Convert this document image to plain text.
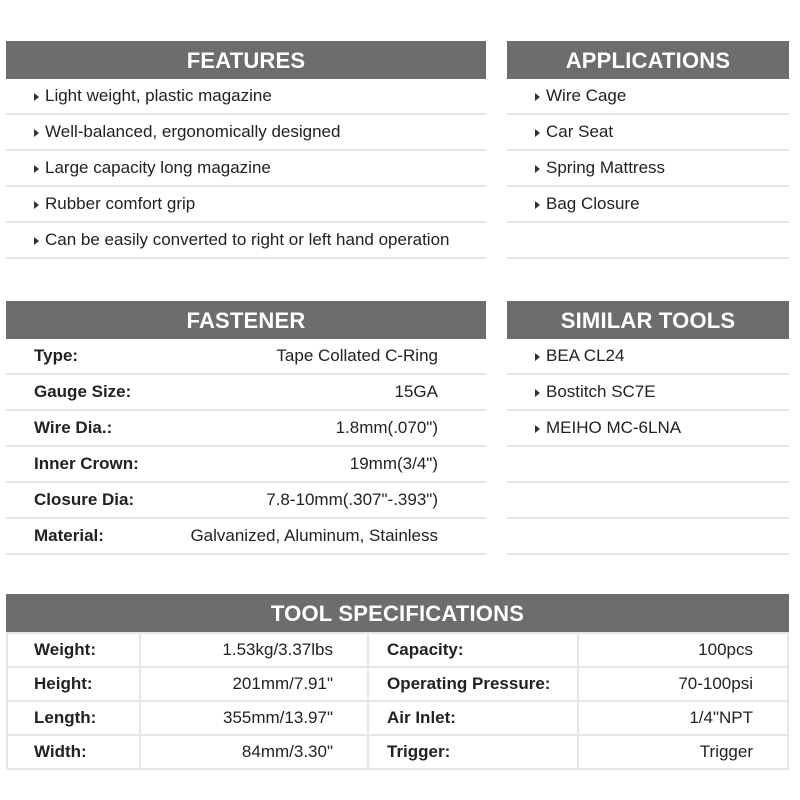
FEATURES
Light weight, plastic magazine
Well-balanced, ergonomically designed
Large capacity long magazine
Rubber comfort grip
Can be easily converted to right or left hand operation
APPLICATIONS
Wire Cage
Car Seat
Spring Mattress
Bag Closure
FASTENER
Type:	Tape Collated C-Ring
Gauge Size:	15GA
Wire Dia.:	1.8mm(.070")
Inner Crown:	19mm(3/4")
Closure Dia:	7.8-10mm(.307"-.393")
Material:	Galvanized, Aluminum, Stainless
SIMILAR TOOLS
BEA CL24
Bostitch SC7E
MEIHO MC-6LNA
TOOL SPECIFICATIONS
Weight:	1.53kg/3.37lbs	Capacity:	100pcs
Height:	201mm/7.91"	Operating Pressure:	70-100psi
Length:	355mm/13.97"	Air Inlet:	1/4"NPT
Width:	84mm/3.30"	Trigger:	Trigger
